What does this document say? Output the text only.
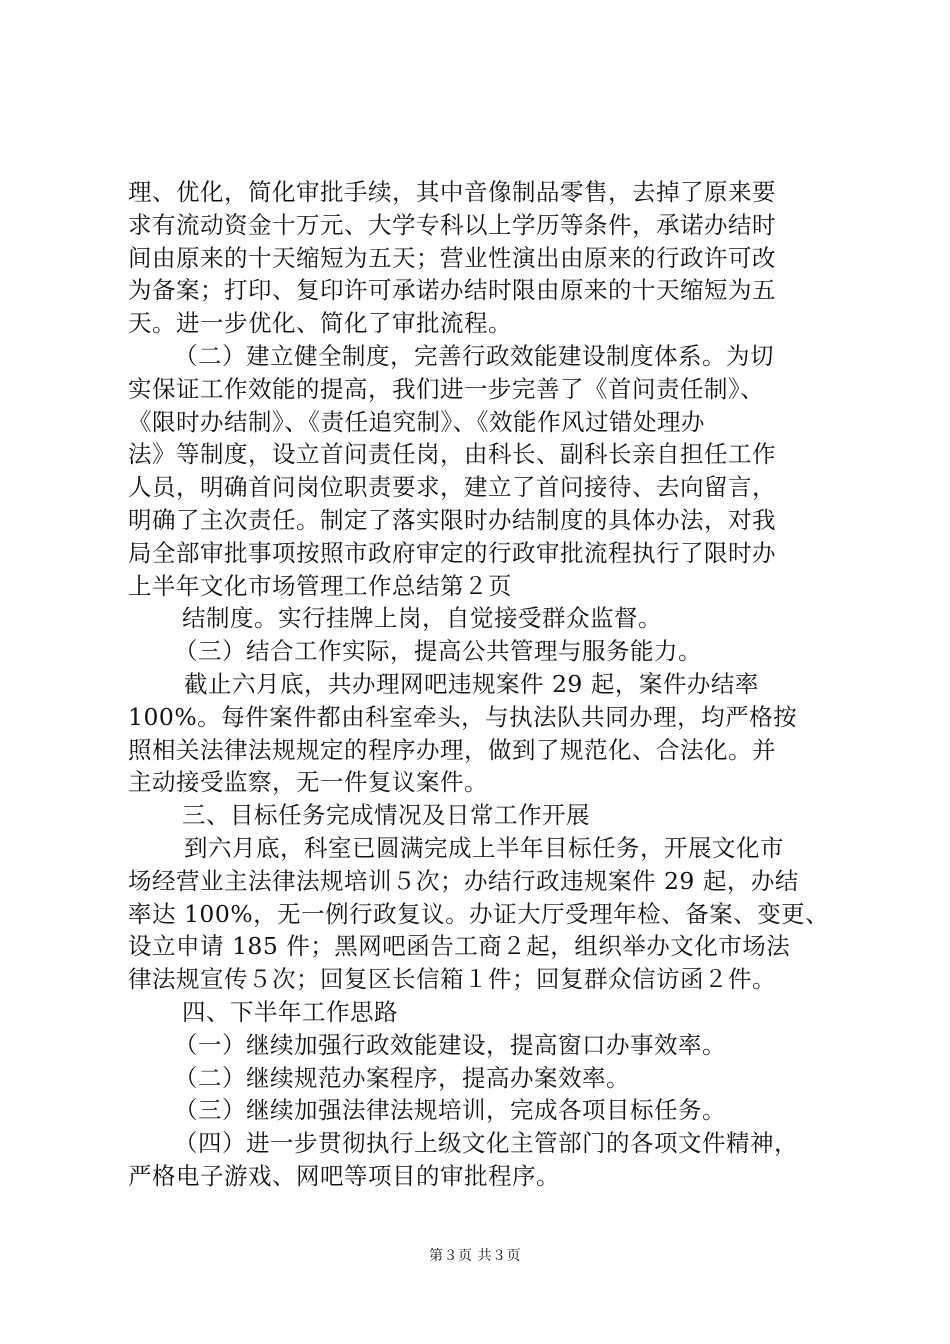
理、优化，简化审批手续，其中音像制品零售，去掉了原来要
求有流动资金十万元、大学专科以上学历等条件，承诺办结时
间由原来的十天缩短为五天；营业性演出由原来的行政许可改
为备案；打印、复印许可承诺办结时限由原来的十天缩短为五
天。进一步优化、简化了审批流程。
（二）建立健全制度，完善行政效能建设制度体系。为切
实保证工作效能的提高，我们进一步完善了《首问责任制》、
《限时办结制》、《责任追究制》、《效能作风过错处理办
法》等制度，设立首问责任岗，由科长、副科长亲自担任工作
人员，明确首问岗位职责要求，建立了首问接待、去向留言，
明确了主次责任。制定了落实限时办结制度的具体办法，对我
局全部审批事项按照市政府审定的行政审批流程执行了限时办
上半年文化市场管理工作总结第２页
结制度。实行挂牌上岗，自觉接受群众监督。
（三）结合工作实际，提高公共管理与服务能力。
截止六月底，共办理网吧违规案件 29 起，案件办结率
100%。每件案件都由科室牵头，与执法队共同办理，均严格按
照相关法律法规规定的程序办理，做到了规范化、合法化。并
主动接受监察，无一件复议案件。
三、目标任务完成情况及日常工作开展
到六月底，科室已圆满完成上半年目标任务，开展文化市
场经营业主法律法规培训５次；办结行政违规案件 29 起，办结
率达 100%，无一例行政复议。办证大厅受理年检、备案、变更、
设立申请 185 件；黑网吧函告工商２起，组织举办文化市场法
律法规宣传５次；回复区长信箱１件；回复群众信访函２件。
四、下半年工作思路
（一）继续加强行政效能建设，提高窗口办事效率。
（二）继续规范办案程序，提高办案效率。
（三）继续加强法律法规培训，完成各项目标任务。
（四）进一步贯彻执行上级文化主管部门的各项文件精神，
严格电子游戏、网吧等项目的审批程序。
第３页 共３页
